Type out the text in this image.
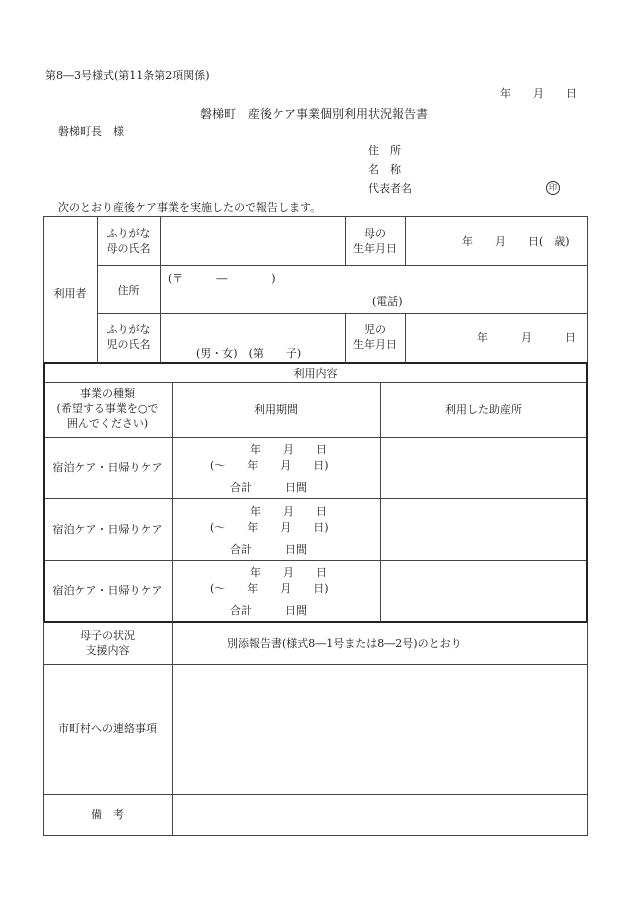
第8―3号様式(第11条第2項関係)
年　　月　　日
磐梯町　産後ケア事業個別利用状況報告書
磐梯町長　様
住　所
名　称
代表者名	印
次のとおり産後ケア事業を実施したので報告します。
利用者
ふりがな
母の氏名
母の
生年月日
年　　月　　日(　歳)
住所
(〒　　　―　　　　)
(電話)
ふりがな
児の氏名
(男・女)　(第　　子)
児の
生年月日
年　　　月　　　日
利用内容
事業の種類
(希望する事業を○で
囲んでください)
利用期間	利用した助産所
宿泊ケア・日帰りケア
年　　月　　日
(～　　年　　月　　日)
合計　　　日間
宿泊ケア・日帰りケア
年　　月　　日
(～　　年　　月　　日)
合計　　　日間
宿泊ケア・日帰りケア
年　　月　　日
(～　　年　　月　　日)
合計　　　日間
母子の状況
支援内容
別添報告書(様式8―1号または8―2号)のとおり
市町村への連絡事項
備　考
